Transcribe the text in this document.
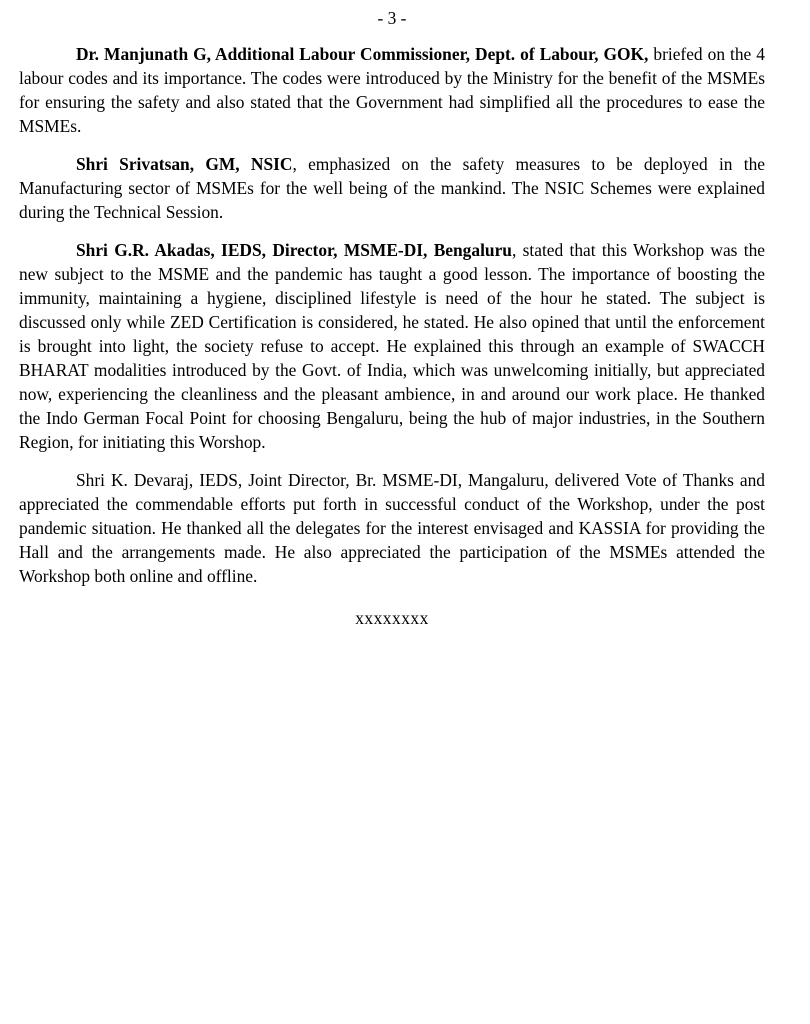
- 3 -

Dr. Manjunath G, Additional Labour Commissioner, Dept. of Labour, GOK, briefed on the 4 labour codes and its importance. The codes were introduced by the Ministry for the benefit of the MSMEs for ensuring the safety and also stated that the Government had simplified all the procedures to ease the MSMEs.

Shri Srivatsan, GM, NSIC, emphasized on the safety measures to be deployed in the Manufacturing sector of MSMEs for the well being of the mankind. The NSIC Schemes were explained during the Technical Session.

Shri G.R. Akadas, IEDS, Director, MSME-DI, Bengaluru, stated that this Workshop was the new subject to the MSME and the pandemic has taught a good lesson. The importance of boosting the immunity, maintaining a hygiene, disciplined lifestyle is need of the hour he stated. The subject is discussed only while ZED Certification is considered, he stated. He also opined that until the enforcement is brought into light, the society refuse to accept. He explained this through an example of SWACCH BHARAT modalities introduced by the Govt. of India, which was unwelcoming initially, but appreciated now, experiencing the cleanliness and the pleasant ambience, in and around our work place. He thanked the Indo German Focal Point for choosing Bengaluru, being the hub of major industries, in the Southern Region, for initiating this Worshop.

Shri K. Devaraj, IEDS, Joint Director, Br. MSME-DI, Mangaluru, delivered Vote of Thanks and appreciated the commendable efforts put forth in successful conduct of the Workshop, under the post pandemic situation. He thanked all the delegates for the interest envisaged and KASSIA for providing the Hall and the arrangements made. He also appreciated the participation of the MSMEs attended the Workshop both online and offline.

xxxxxxxx
